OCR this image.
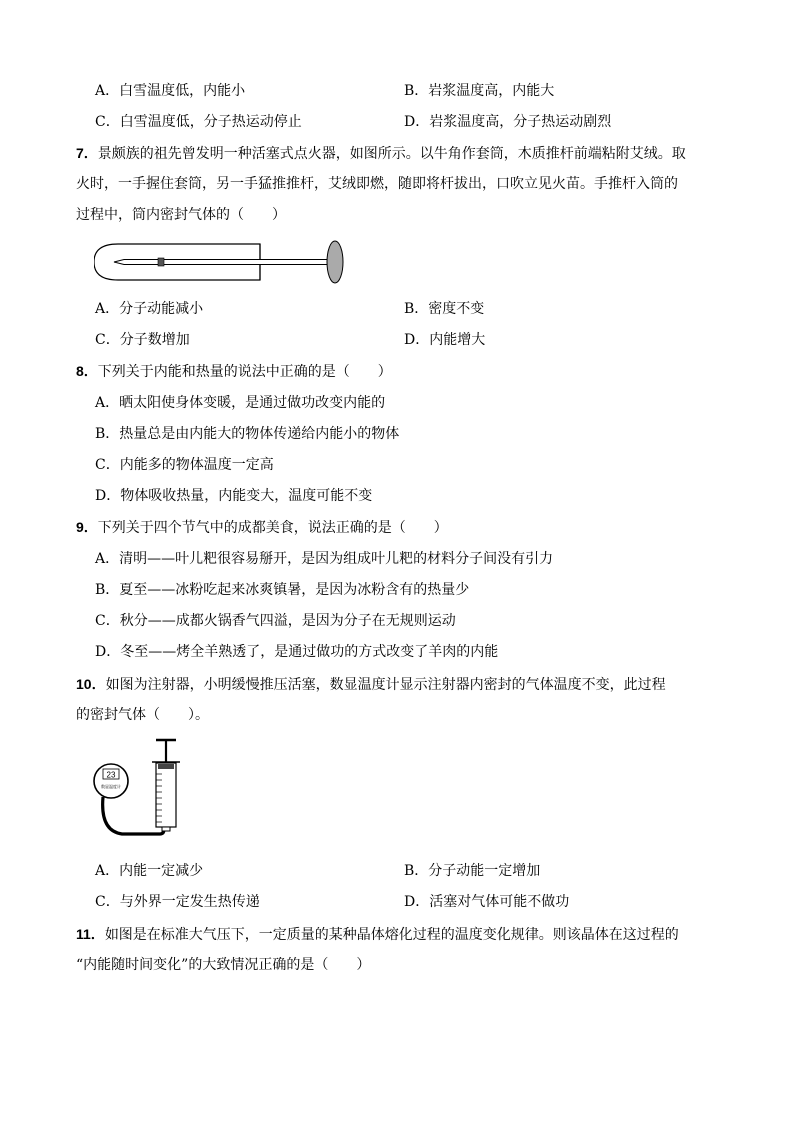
A．白雪温度低，内能小	B．岩浆温度高，内能大
C．白雪温度低，分子热运动停止	D．岩浆温度高，分子热运动剧烈
7．景颇族的祖先曾发明一种活塞式点火器，如图所示。以牛角作套筒，木质推杆前端粘附艾绒。取
火时，一手握住套筒，另一手猛推推杆，艾绒即燃，随即将杆拔出，口吹立见火苗。手推杆入筒的
过程中，筒内密封气体的（　　）
A．分子动能减小	B．密度不变
C．分子数增加	D．内能增大
8．下列关于内能和热量的说法中正确的是（　　）
A．晒太阳使身体变暖，是通过做功改变内能的
B．热量总是由内能大的物体传递给内能小的物体
C．内能多的物体温度一定高
D．物体吸收热量，内能变大，温度可能不变
9．下列关于四个节气中的成都美食，说法正确的是（　　）
A．清明——叶儿粑很容易掰开，是因为组成叶儿粑的材料分子间没有引力
B．夏至——冰粉吃起来冰爽镇暑，是因为冰粉含有的热量少
C．秋分——成都火锅香气四溢，是因为分子在无规则运动
D．冬至——烤全羊熟透了，是通过做功的方式改变了羊肉的内能
10．如图为注射器，小明缓慢推压活塞，数显温度计显示注射器内密封的气体温度不变，此过程
的密封气体（　　）。
23
数显温度计
A．内能一定减少	B．分子动能一定增加
C．与外界一定发生热传递	D．活塞对气体可能不做功
11．如图是在标准大气压下，一定质量的某种晶体熔化过程的温度变化规律。则该晶体在这过程的
“内能随时间变化”的大致情况正确的是（　　）
